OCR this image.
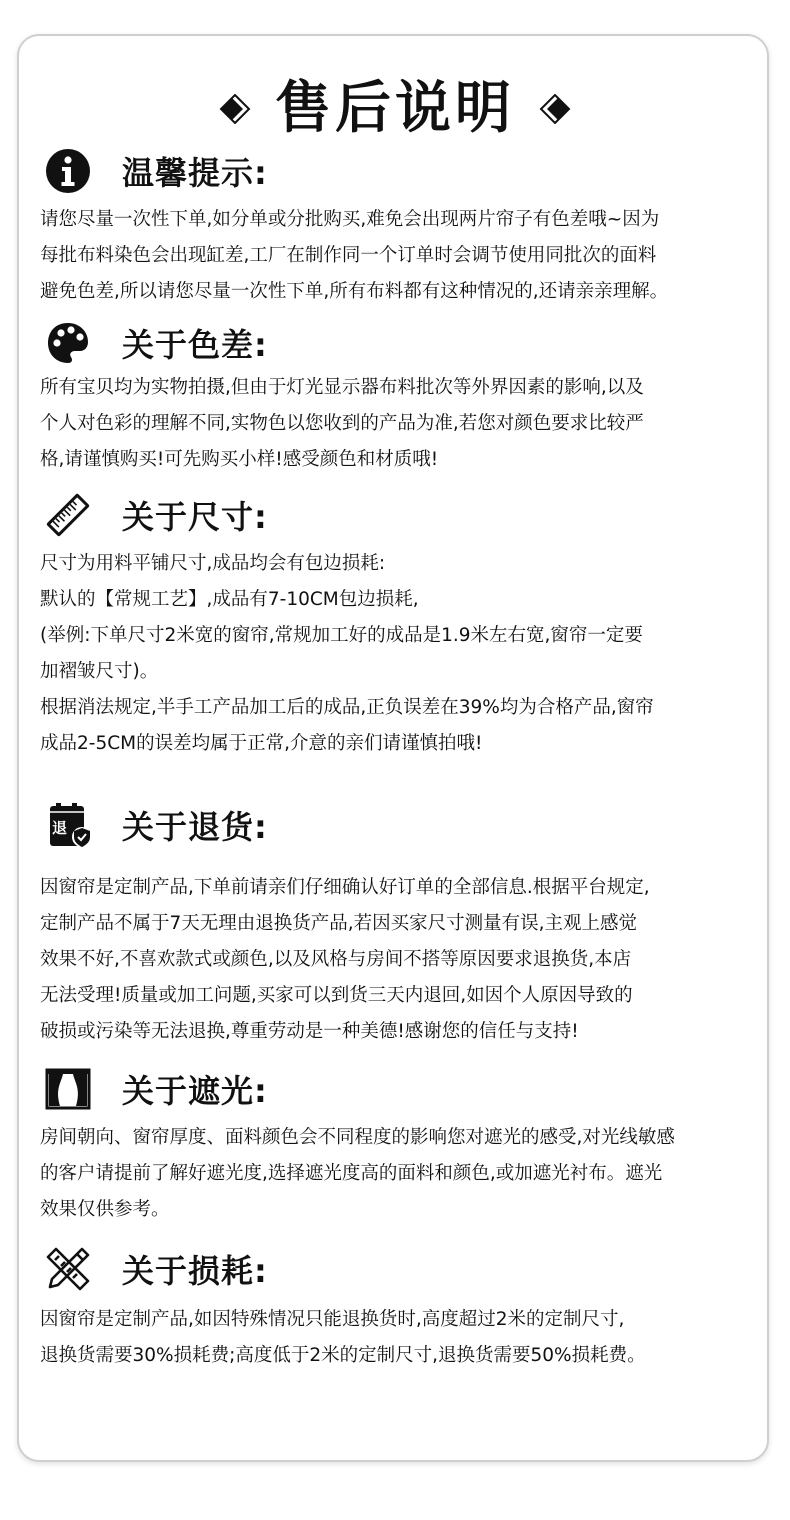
售后说明
温馨提示:
请您尽量一次性下单,如分单或分批购买,难免会出现两片帘子有色差哦~因为
每批布料染色会出现缸差,工厂在制作同一个订单时会调节使用同批次的面料
避免色差,所以请您尽量一次性下单,所有布料都有这种情况的,还请亲亲理解。
关于色差:
所有宝贝均为实物拍摄,但由于灯光显示器布料批次等外界因素的影响,以及
个人对色彩的理解不同,实物色以您收到的产品为准,若您对颜色要求比较严
格,请谨慎购买!可先购买小样!感受颜色和材质哦!
关于尺寸:
尺寸为用料平铺尺寸,成品均会有包边损耗:
默认的【常规工艺】,成品有7-10CM包边损耗,
(举例:下单尺寸2米宽的窗帘,常规加工好的成品是1.9米左右宽,窗帘一定要
加褶皱尺寸)。
根据消法规定,半手工产品加工后的成品,正负误差在39%均为合格产品,窗帘
成品2-5CM的误差均属于正常,介意的亲们请谨慎拍哦!
退 关于退货:
因窗帘是定制产品,下单前请亲们仔细确认好订单的全部信息.根据平台规定,
定制产品不属于7天无理由退换货产品,若因买家尺寸测量有误,主观上感觉
效果不好,不喜欢款式或颜色,以及风格与房间不搭等原因要求退换货,本店
无法受理!质量或加工问题,买家可以到货三天内退回,如因个人原因导致的
破损或污染等无法退换,尊重劳动是一种美德!感谢您的信任与支持!
关于遮光:
房间朝向、窗帘厚度、面料颜色会不同程度的影响您对遮光的感受,对光线敏感
的客户请提前了解好遮光度,选择遮光度高的面料和颜色,或加遮光衬布。遮光
效果仅供参考。
关于损耗:
因窗帘是定制产品,如因特殊情况只能退换货时,高度超过2米的定制尺寸,
退换货需要30%损耗费;高度低于2米的定制尺寸,退换货需要50%损耗费。
